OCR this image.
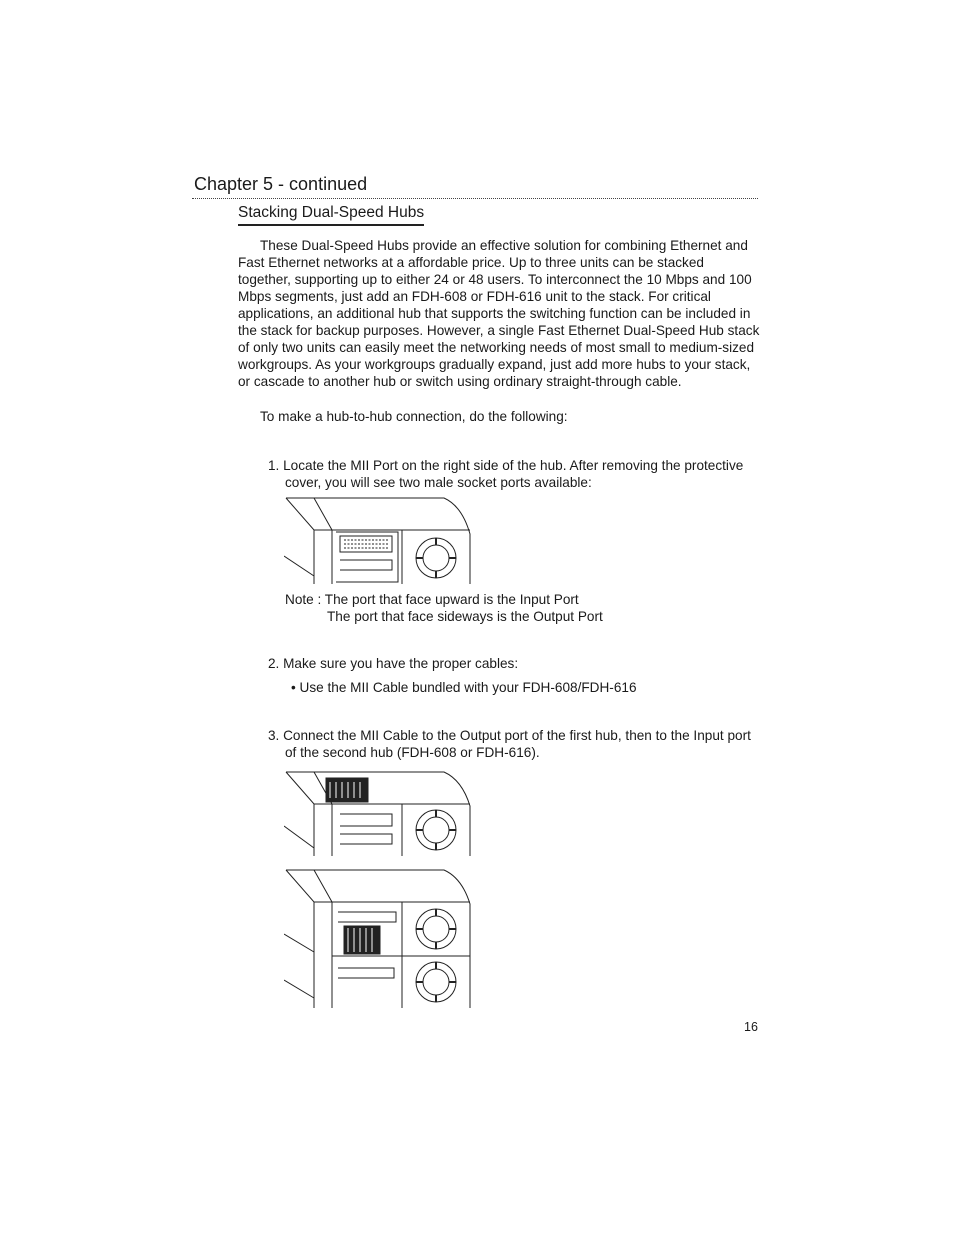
Chapter 5 - continued
Stacking Dual-Speed Hubs
These Dual-Speed Hubs provide an effective solution for combining Ethernet and Fast Ethernet networks at a affordable price. Up to three units can be stacked together, supporting up to either 24 or 48 users. To interconnect the 10 Mbps and 100 Mbps segments, just add an FDH-608 or FDH-616 unit to the stack. For critical applications, an additional hub that supports the switching function can be included in the stack for backup purposes. However, a single Fast Ethernet Dual-Speed Hub stack of only two units can easily meet the networking needs of most small to medium-sized workgroups. As your workgroups gradually expand, just add more hubs to your stack, or cascade to another hub or switch using ordinary straight-through cable.
To make a hub-to-hub connection, do the following:
1. Locate the MII Port on the right side of the hub. After removing the protective cover, you will see two male socket ports available:
Note : The port that face upward is the Input Port
The port that face sideways is the Output Port
2. Make sure you have the proper cables:
• Use the MII Cable bundled with your FDH-608/FDH-616
3. Connect the MII Cable to the Output port of the first hub, then to the Input port of the second hub (FDH-608 or FDH-616).
16
